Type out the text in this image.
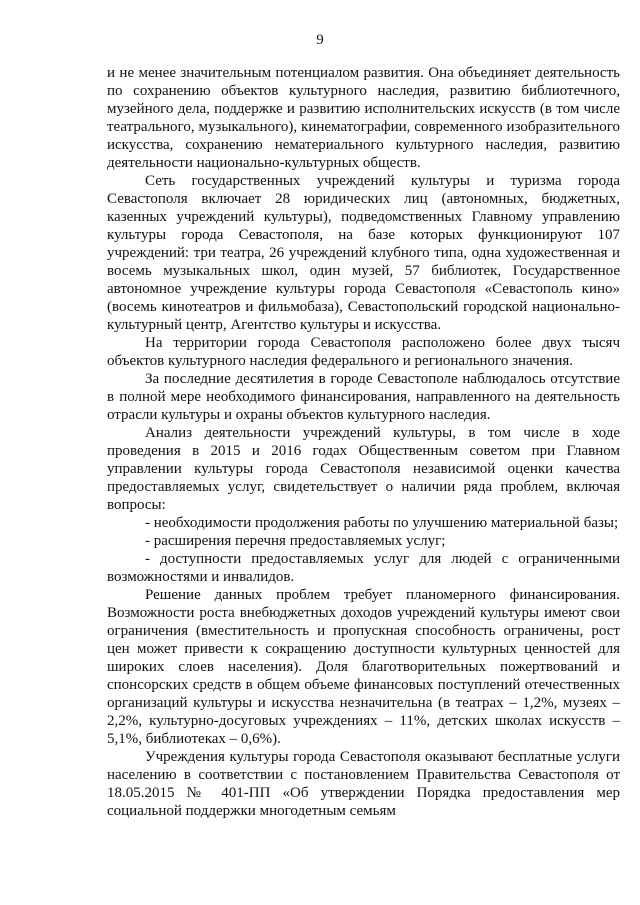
9

и не менее значительным потенциалом развития. Она объединяет деятельность по сохранению объектов культурного наследия, развитию библиотечного, музейного дела, поддержке и развитию исполнительских искусств (в том числе театрального, музыкального), кинематографии, современного изобразительного искусства, сохранению нематериального культурного наследия, развитию деятельности национально-культурных обществ.

Сеть государственных учреждений культуры и туризма города Севастополя включает 28 юридических лиц (автономных, бюджетных, казенных учреждений культуры), подведомственных Главному управлению культуры города Севастополя, на базе которых функционируют 107 учреждений: три театра, 26 учреждений клубного типа, одна художественная и восемь музыкальных школ, один музей, 57 библиотек, Государственное автономное учреждение культуры города Севастополя «Севастополь кино» (восемь кинотеатров и фильмобаза), Севастопольский городской национально-культурный центр, Агентство культуры и искусства.

На территории города Севастополя расположено более двух тысяч объектов культурного наследия федерального и регионального значения.

За последние десятилетия в городе Севастополе наблюдалось отсутствие в полной мере необходимого финансирования, направленного на деятельность отрасли культуры и охраны объектов культурного наследия.

Анализ деятельности учреждений культуры, в том числе в ходе проведения в 2015 и 2016 годах Общественным советом при Главном управлении культуры города Севастополя независимой оценки качества предоставляемых услуг, свидетельствует о наличии ряда проблем, включая вопросы:

- необходимости продолжения работы по улучшению материальной базы;

- расширения перечня предоставляемых услуг;

- доступности предоставляемых услуг для людей с ограниченными возможностями и инвалидов.

Решение данных проблем требует планомерного финансирования. Возможности роста внебюджетных доходов учреждений культуры имеют свои ограничения (вместительность и пропускная способность ограничены, рост цен может привести к сокращению доступности культурных ценностей для широких слоев населения). Доля благотворительных пожертвований и спонсорских средств в общем объеме финансовых поступлений отечественных организаций культуры и искусства незначительна (в театрах – 1,2%, музеях – 2,2%, культурно-досуговых учреждениях – 11%, детских школах искусств – 5,1%, библиотеках – 0,6%).

Учреждения культуры города Севастополя оказывают бесплатные услуги населению в соответствии с постановлением Правительства Севастополя от 18.05.2015 № 401-ПП «Об утверждении Порядка предоставления мер социальной поддержки многодетным семьям
